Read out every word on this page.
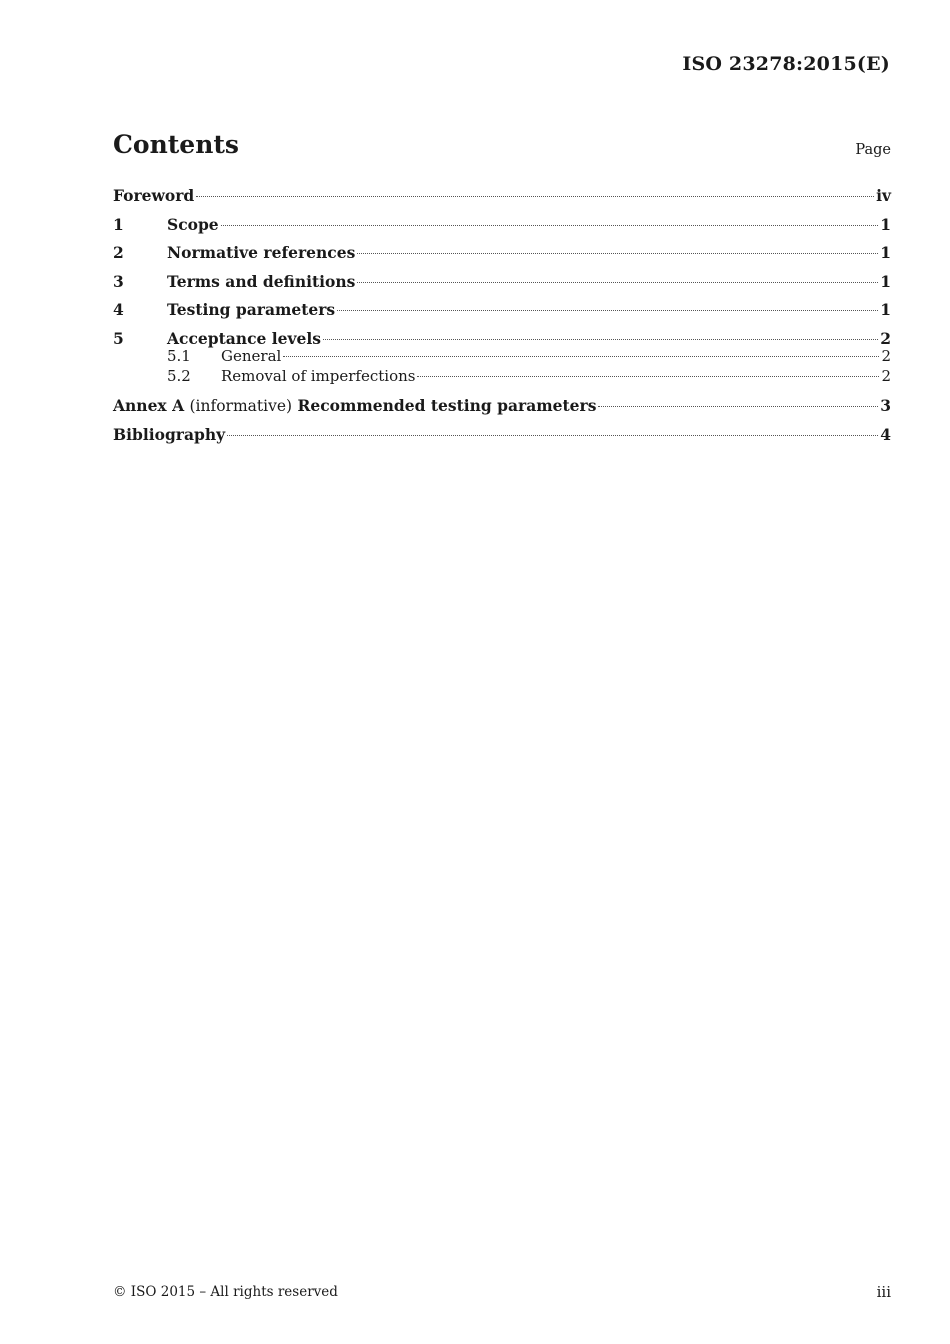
ISO 23278:2015(E)
Contents	Page
Foreword	iv
1	Scope	1
2	Normative references	1
3	Terms and definitions	1
4	Testing parameters	1
5	Acceptance levels	2
5.1	General	2
5.2	Removal of imperfections	2
Annex A (informative) Recommended testing parameters	3
Bibliography	4
© ISO 2015 – All rights reserved	iii
